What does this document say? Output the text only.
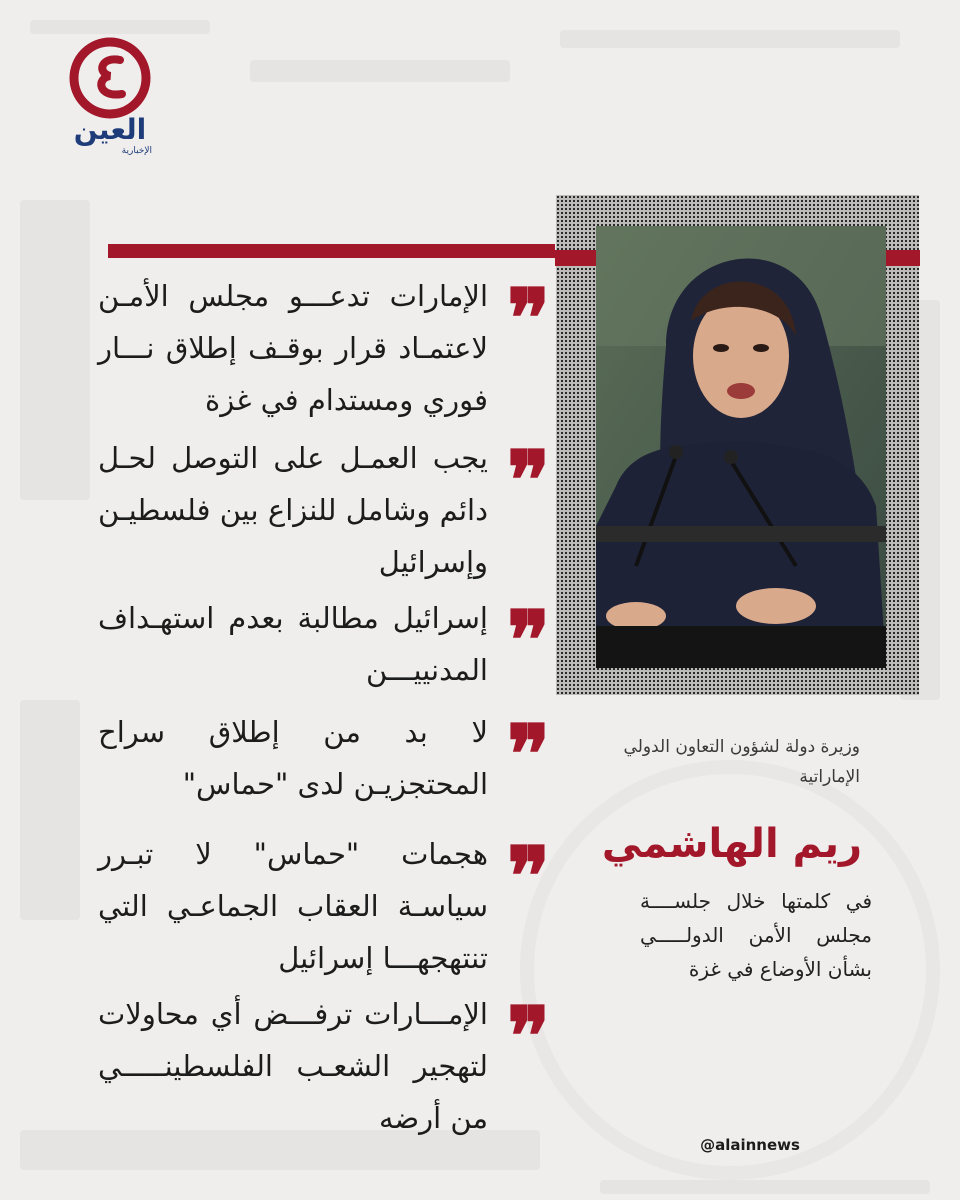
العين
الإخبارية
❞
الإمارات تدعـــو مجلس الأمـن لاعتمـاد قرار بوقـف إطلاق نـــار فوري ومستدام في غزة
❞
يجب العمـل على التوصل لحـل دائم وشامل للنزاع بين فلسطيـن وإسرائيل
❞
إسرائيل مطالبة بعدم استهـداف المدنييـــن
❞
لا بد من إطلاق سراح المحتجزيـن لدى "حماس"
❞
هجمات "حماس" لا تبـرر سياسـة العقاب الجماعـي التي تنتهجهـــا إسرائيل
❞
الإمـــارات ترفـــض أي محاولات لتهجير الشعـب الفلسطينـــــي من أرضه
وزيرة دولة لشؤون التعاون الدولي الإماراتية
ريم الهاشمي
في كلمتها خلال جلســــة مجلس الأمن الدولـــــي بشأن الأوضاع في غزة
@alainnews
